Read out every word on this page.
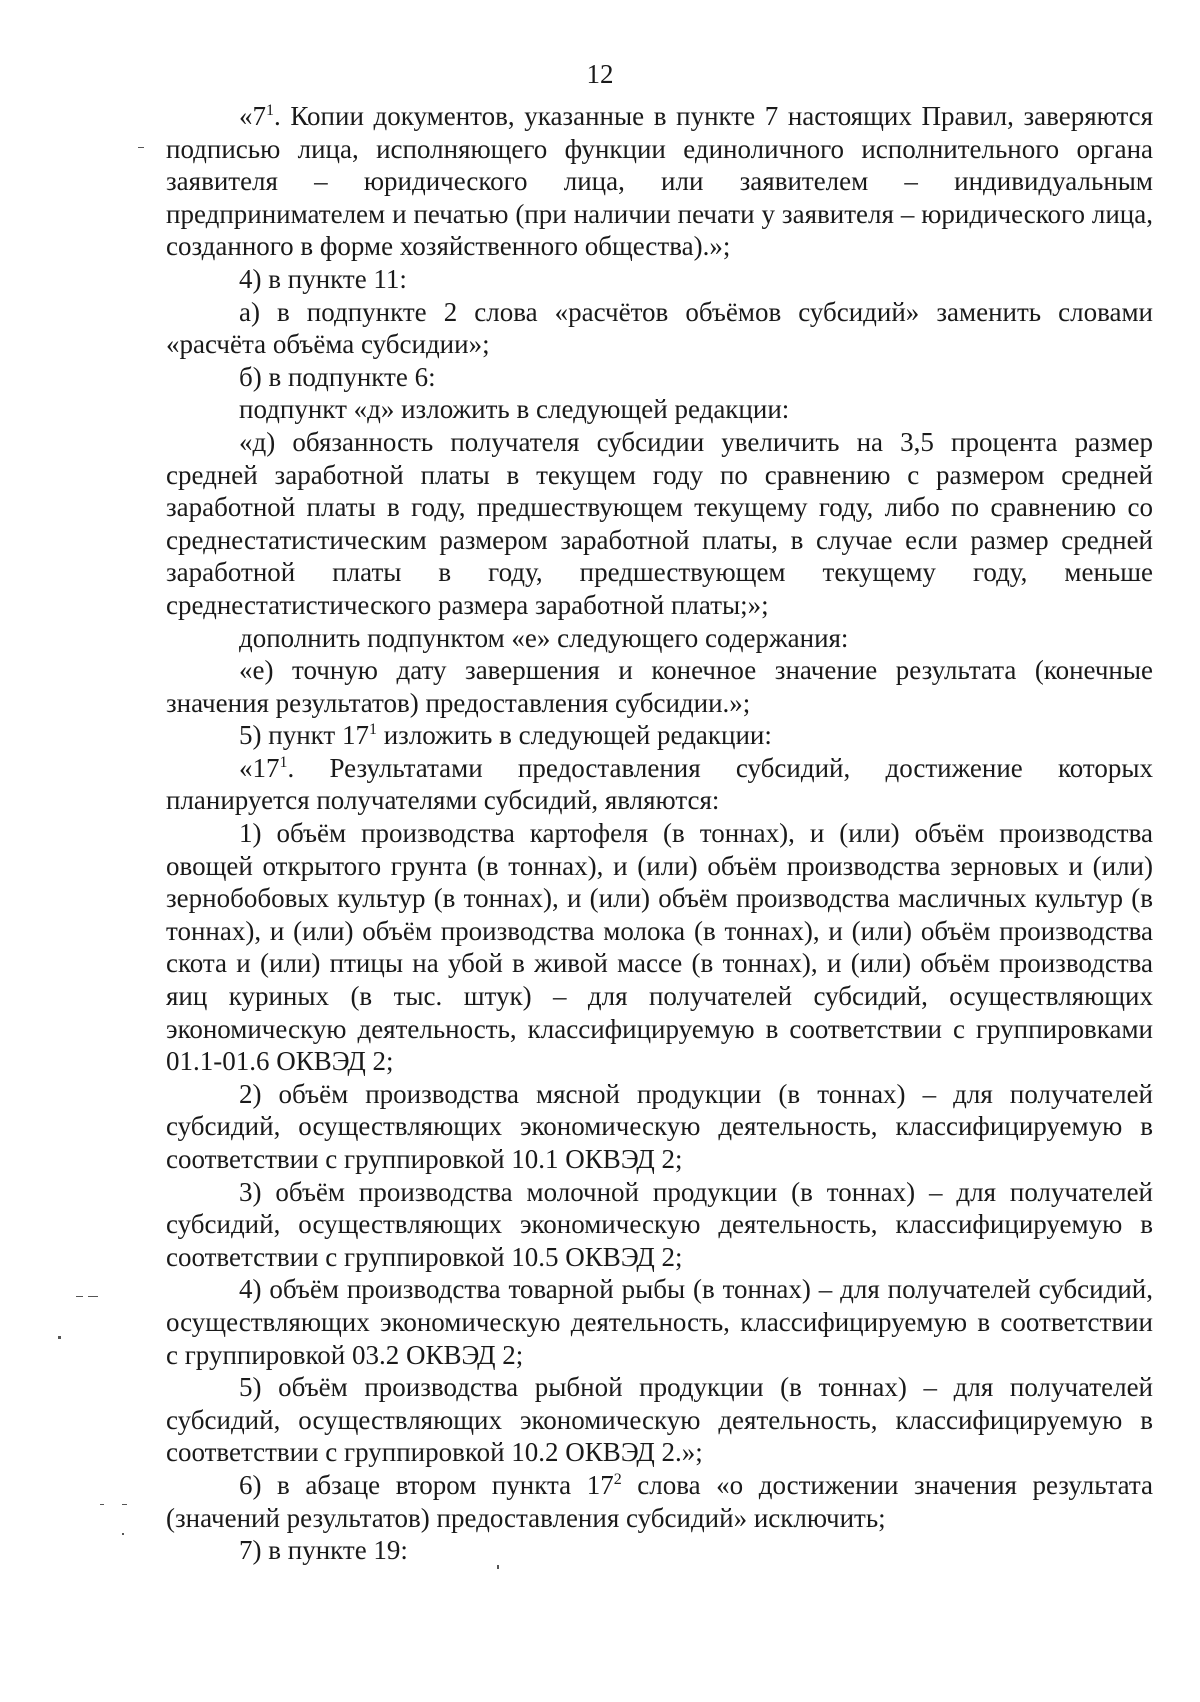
12

«$7^1$. Копии документов, указанные в пункте 7 настоящих Правил, заверяются подписью лица, исполняющего функции единоличного исполнительного органа заявителя – юридического лица, или заявителем – индивидуальным предпринимателем и печатью (при наличии печати у заявителя – юридического лица, созданного в форме хозяйственного общества).»;

4) в пункте 11:

а) в подпункте 2 слова «расчётов объёмов субсидий» заменить словами «расчёта объёма субсидии»;

б) в подпункте 6:

подпункт «д» изложить в следующей редакции:

«д) обязанность получателя субсидии увеличить на 3,5 процента размер средней заработной платы в текущем году по сравнению с размером средней заработной платы в году, предшествующем текущему году, либо по сравнению со среднестатистическим размером заработной платы, в случае если размер средней заработной платы в году, предшествующем текущему году, меньше среднестатистического размера заработной платы;»;

дополнить подпунктом «е» следующего содержания:

«е) точную дату завершения и конечное значение результата (конечные значения результатов) предоставления субсидии.»;

5) пункт $17^1$ изложить в следующей редакции:

«$17^1$. Результатами предоставления субсидий, достижение которых планируется получателями субсидий, являются:

1) объём производства картофеля (в тоннах), и (или) объём производства овощей открытого грунта (в тоннах), и (или) объём производства зерновых и (или) зернобобовых культур (в тоннах), и (или) объём производства масличных культур (в тоннах), и (или) объём производства молока (в тоннах), и (или) объём производства скота и (или) птицы на убой в живой массе (в тоннах), и (или) объём производства яиц куриных (в тыс. штук) – для получателей субсидий, осуществляющих экономическую деятельность, классифицируемую в соответствии с группировками 01.1-01.6 ОКВЭД 2;

2) объём производства мясной продукции (в тоннах) – для получателей субсидий, осуществляющих экономическую деятельность, классифицируемую в соответствии с группировкой 10.1 ОКВЭД 2;

3) объём производства молочной продукции (в тоннах) – для получателей субсидий, осуществляющих экономическую деятельность, классифицируемую в соответствии с группировкой 10.5 ОКВЭД 2;

4) объём производства товарной рыбы (в тоннах) – для получателей субсидий, осуществляющих экономическую деятельность, классифицируемую в соответствии с группировкой 03.2 ОКВЭД 2;

5) объём производства рыбной продукции (в тоннах) – для получателей субсидий, осуществляющих экономическую деятельность, классифицируемую в соответствии с группировкой 10.2 ОКВЭД 2.»;

6) в абзаце втором пункта $17^2$ слова «о достижении значения результата (значений результатов) предоставления субсидий» исключить;

7) в пункте 19:
